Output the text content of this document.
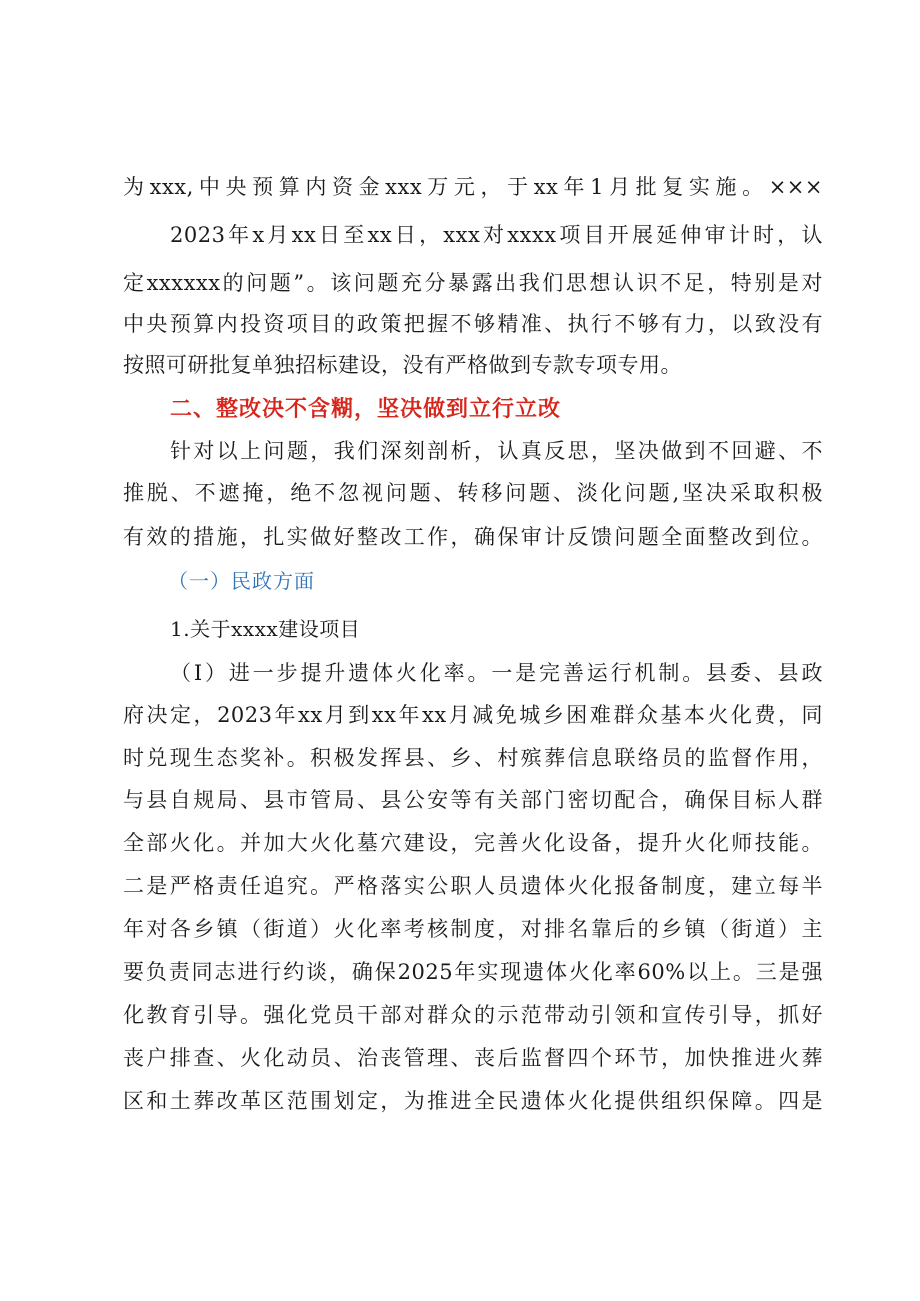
为xxx,中央预算内资金xxx万元，于xx年1月批复实施。×××
2023年x月xx日至xx日，xxx对xxxx项目开展延伸审计时，认
定xxxxxx的问题”。该问题充分暴露出我们思想认识不足，特别是对
中央预算内投资项目的政策把握不够精准、执行不够有力，以致没有
按照可研批复单独招标建设，没有严格做到专款专项专用。
二、整改决不含糊，坚决做到立行立改
针对以上问题，我们深刻剖析，认真反思，坚决做到不回避、不
推脱、不遮掩，绝不忽视问题、转移问题、淡化问题,坚决采取积极
有效的措施，扎实做好整改工作，确保审计反馈问题全面整改到位。
（一）民政方面
1.关于xxxx建设项目
（I）进一步提升遗体火化率。一是完善运行机制。县委、县政
府决定，2023年xx月到xx年xx月减免城乡困难群众基本火化费，同
时兑现生态奖补。积极发挥县、乡、村殡葬信息联络员的监督作用，
与县自规局、县市管局、县公安等有关部门密切配合，确保目标人群
全部火化。并加大火化墓穴建设，完善火化设备，提升火化师技能。
二是严格责任追究。严格落实公职人员遗体火化报备制度，建立每半
年对各乡镇（街道）火化率考核制度，对排名靠后的乡镇（街道）主
要负责同志进行约谈，确保2025年实现遗体火化率60%以上。三是强
化教育引导。强化党员干部对群众的示范带动引领和宣传引导，抓好
丧户排查、火化动员、治丧管理、丧后监督四个环节，加快推进火葬
区和土葬改革区范围划定，为推进全民遗体火化提供组织保障。四是
